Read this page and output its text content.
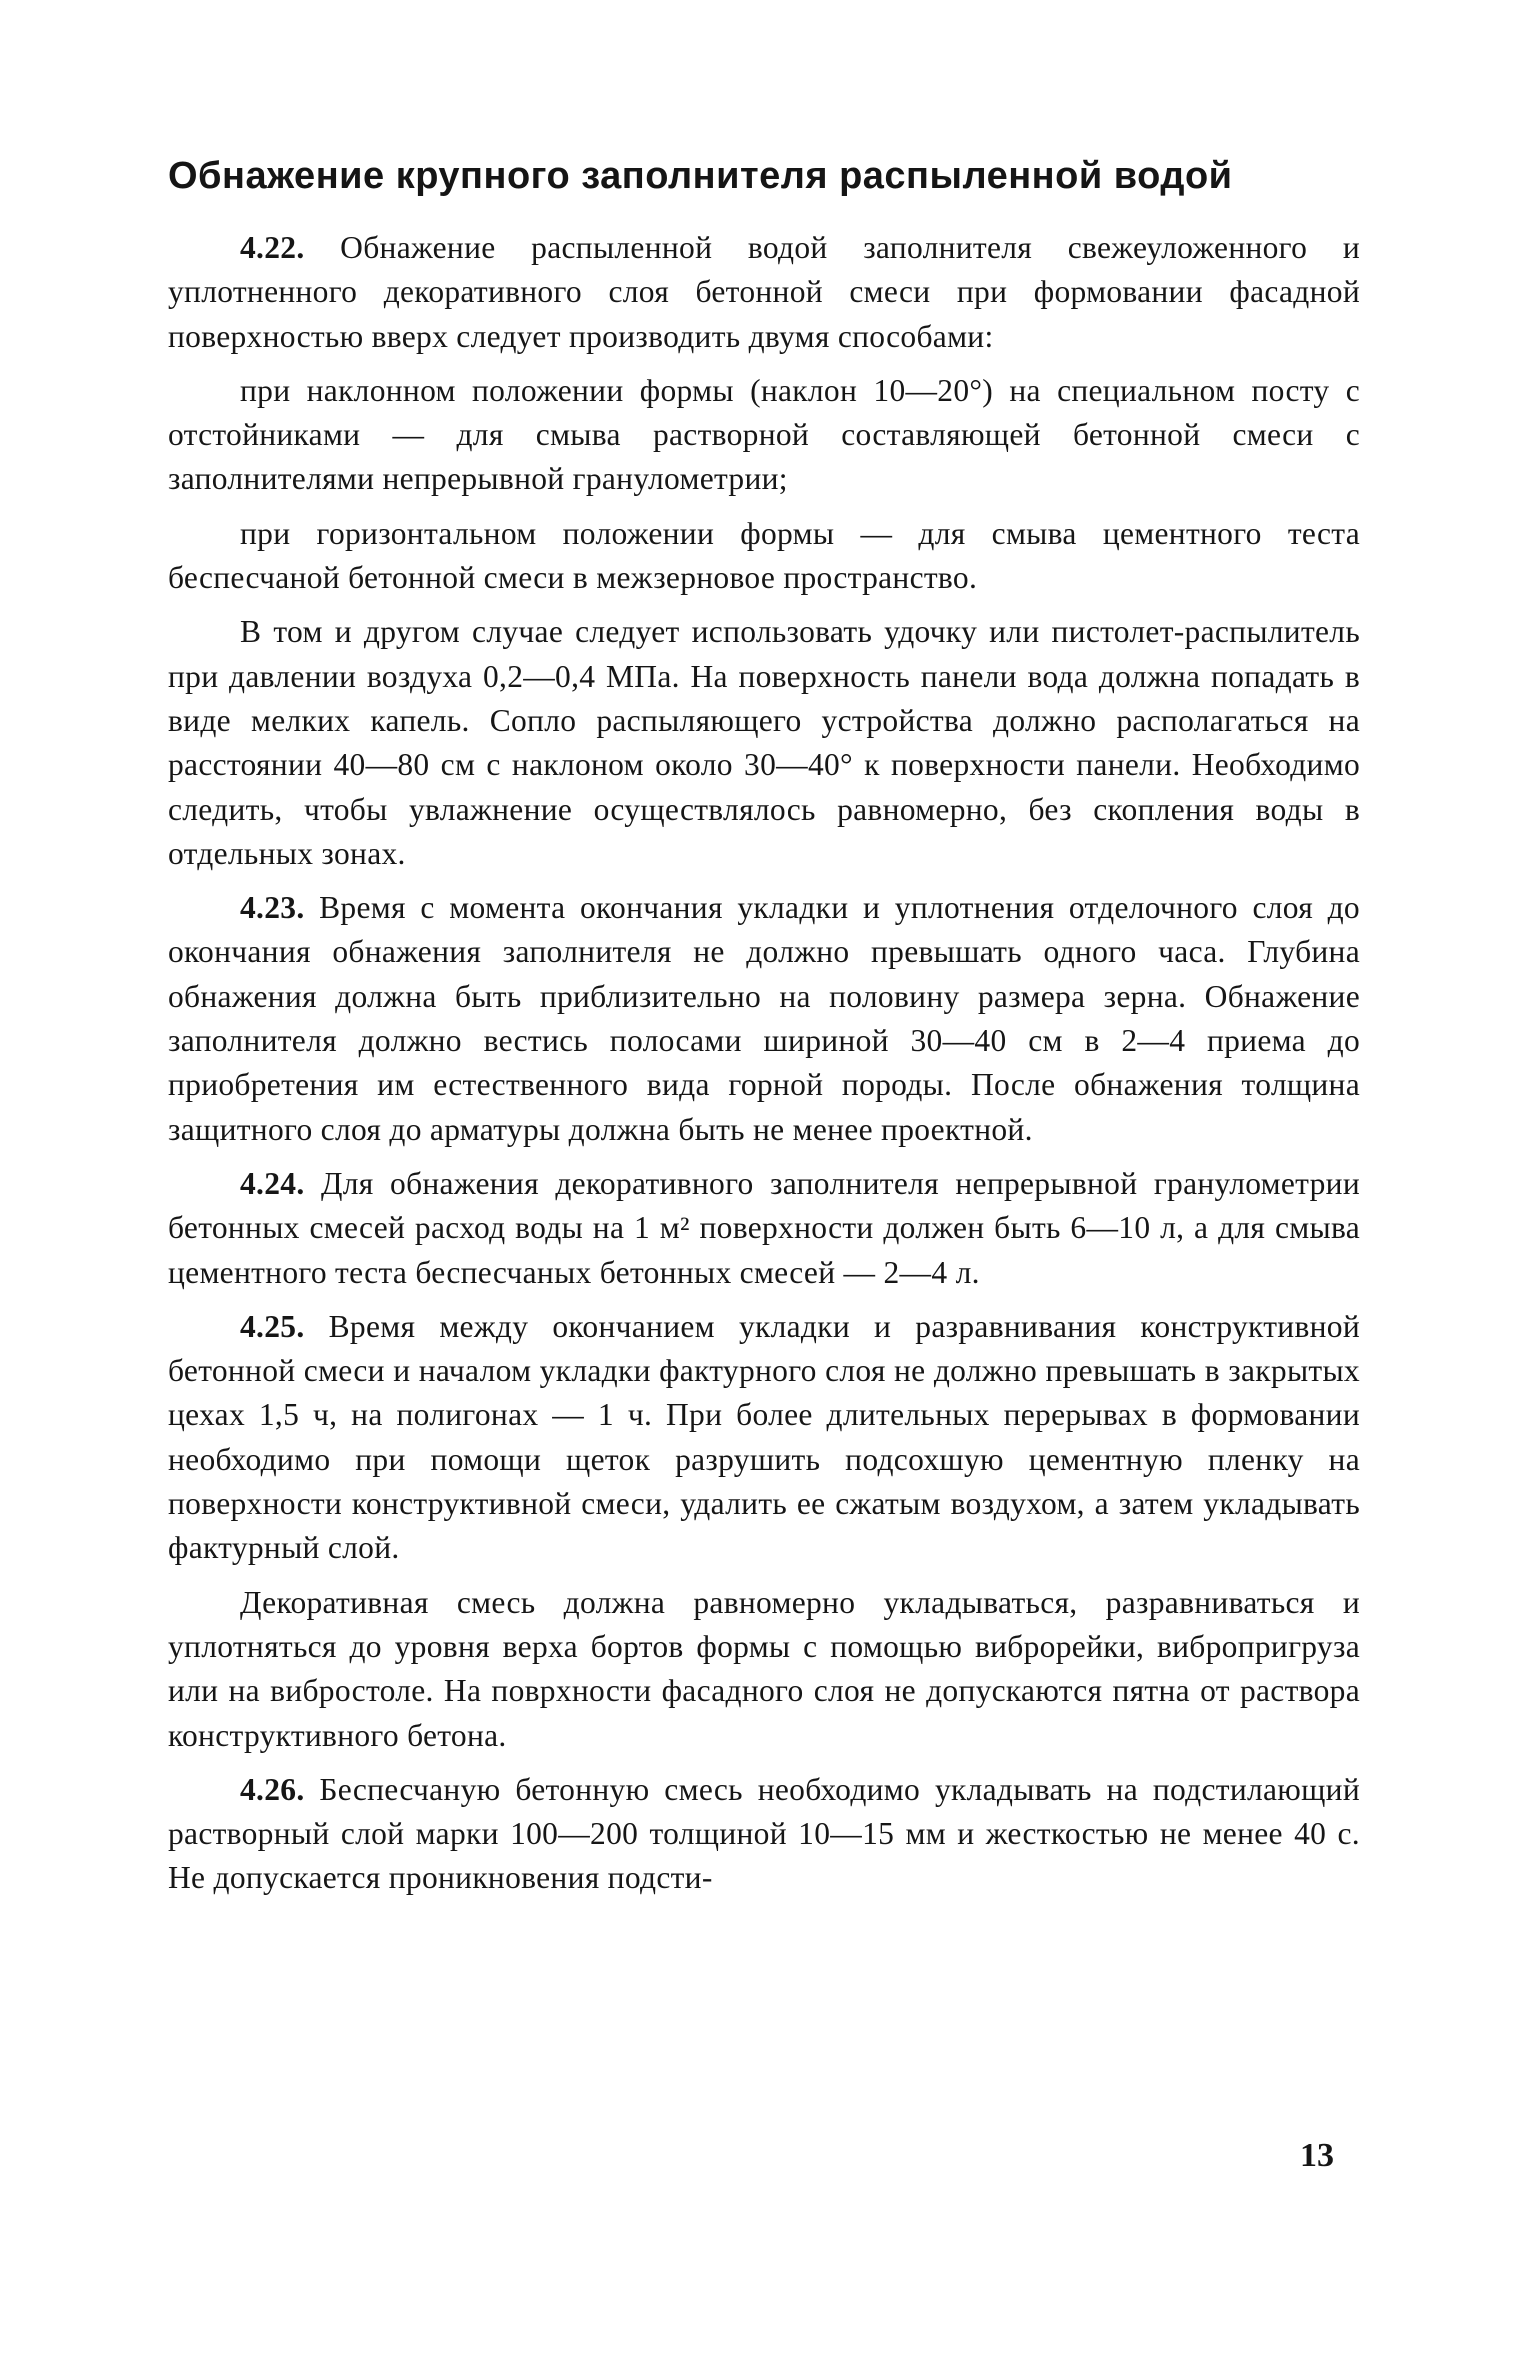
Обнажение крупного заполнителя распыленной водой

4.22. Обнажение распыленной водой заполнителя свежеуложенного и уплотненного декоративного слоя бетонной смеси при формовании фасадной поверхностью вверх следует производить двумя способами:

при наклонном положении формы (наклон 10—20°) на специальном посту с отстойниками — для смыва растворной составляющей бетонной смеси с заполнителями непрерывной гранулометрии;

при горизонтальном положении формы — для смыва цементного теста беспесчаной бетонной смеси в межзерновое пространство.

В том и другом случае следует использовать удочку или пистолет-распылитель при давлении воздуха 0,2—0,4 МПа. На поверхность панели вода должна попадать в виде мелких капель. Сопло распыляющего устройства должно располагаться на расстоянии 40—80 см с наклоном около 30—40° к поверхности панели. Необходимо следить, чтобы увлажнение осуществлялось равномерно, без скопления воды в отдельных зонах.

4.23. Время с момента окончания укладки и уплотнения отделочного слоя до окончания обнажения заполнителя не должно превышать одного часа. Глубина обнажения должна быть приблизительно на половину размера зерна. Обнажение заполнителя должно вестись полосами шириной 30—40 см в 2—4 приема до приобретения им естественного вида горной породы. После обнажения толщина защитного слоя до арматуры должна быть не менее проектной.

4.24. Для обнажения декоративного заполнителя непрерывной гранулометрии бетонных смесей расход воды на 1 м² поверхности должен быть 6—10 л, а для смыва цементного теста беспесчаных бетонных смесей — 2—4 л.

4.25. Время между окончанием укладки и разравнивания конструктивной бетонной смеси и началом укладки фактурного слоя не должно превышать в закрытых цехах 1,5 ч, на полигонах — 1 ч. При более длительных перерывах в формовании необходимо при помощи щеток разрушить подсохшую цементную пленку на поверхности конструктивной смеси, удалить ее сжатым воздухом, а затем укладывать фактурный слой.

Декоративная смесь должна равномерно укладываться, разравниваться и уплотняться до уровня верха бортов формы с помощью виброрейки, вибропригруза или на вибростоле. На поврхности фасадного слоя не допускаются пятна от раствора конструктивного бетона.

4.26. Беспесчаную бетонную смесь необходимо укладывать на подстилающий растворный слой марки 100—200 толщиной 10—15 мм и жесткостью не менее 40 с. Не допускается проникновения подсти-

13
